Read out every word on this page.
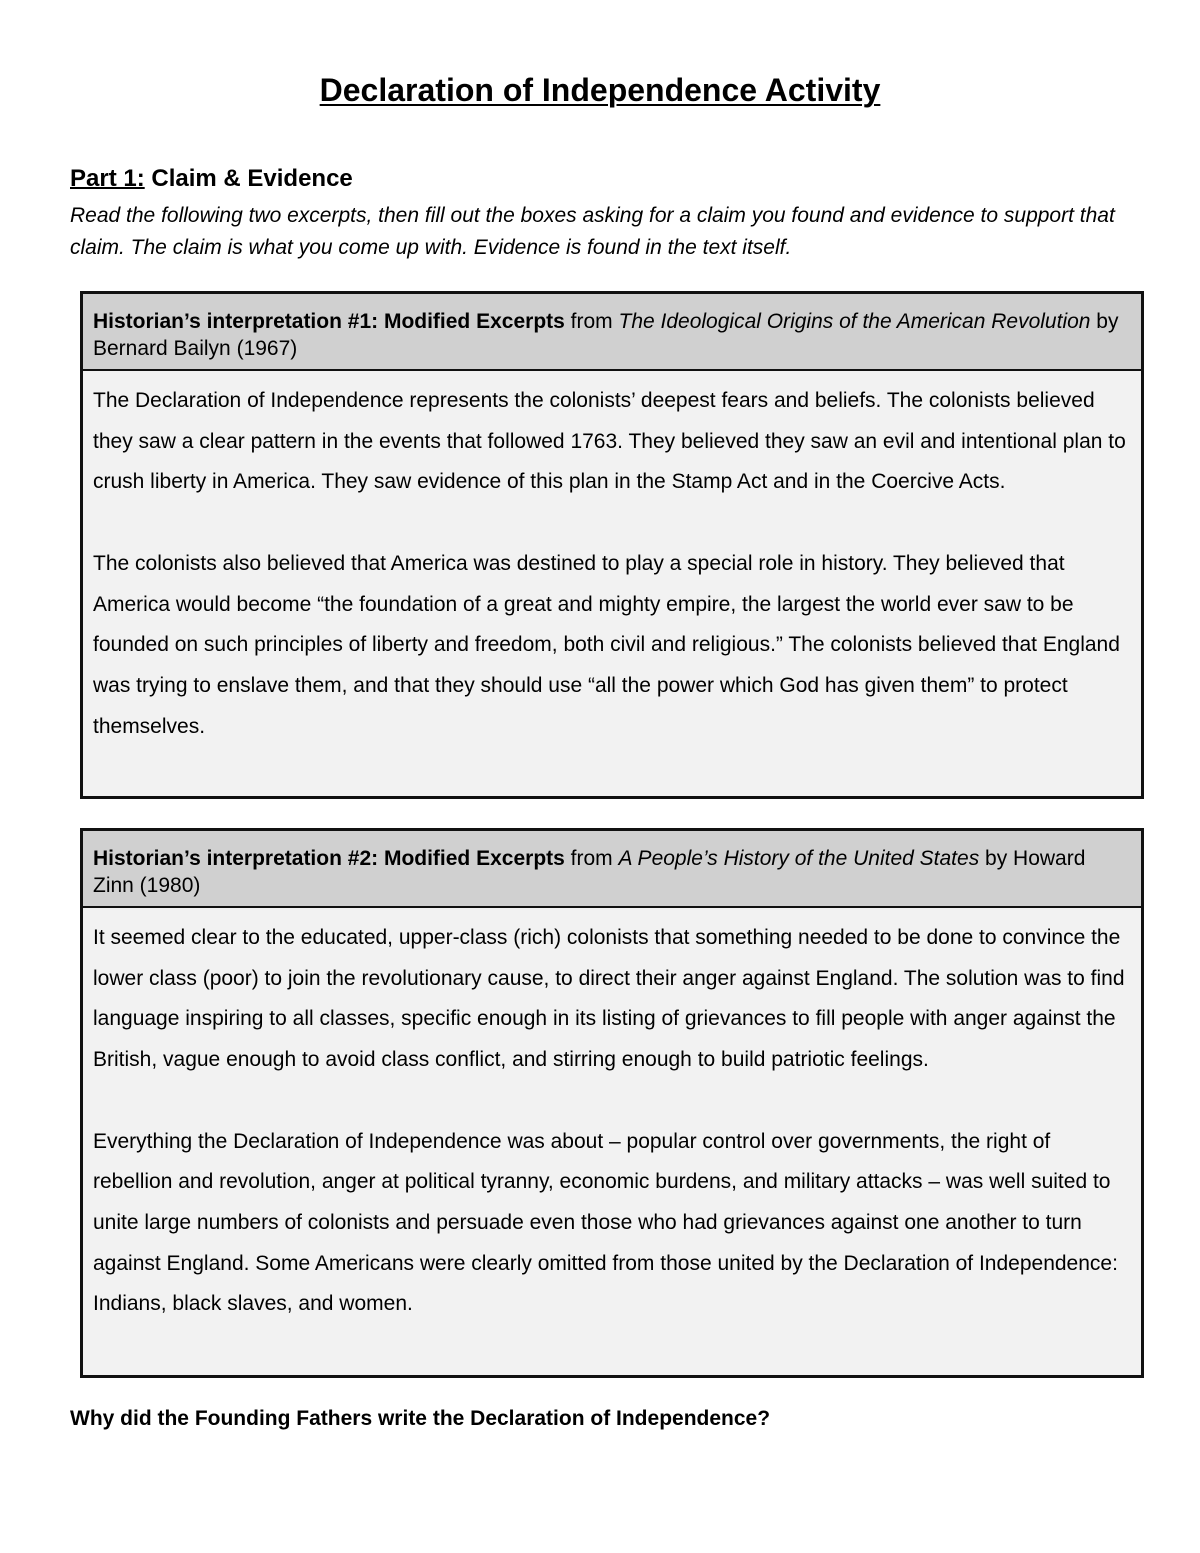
Declaration of Independence Activity
Part 1: Claim & Evidence
Read the following two excerpts, then fill out the boxes asking for a claim you found and evidence to support that claim. The claim is what you come up with. Evidence is found in the text itself.
Historian’s interpretation #1: Modified Excerpts from The Ideological Origins of the American Revolution by Bernard Bailyn (1967)

The Declaration of Independence represents the colonists’ deepest fears and beliefs. The colonists believed they saw a clear pattern in the events that followed 1763. They believed they saw an evil and intentional plan to crush liberty in America. They saw evidence of this plan in the Stamp Act and in the Coercive Acts.

The colonists also believed that America was destined to play a special role in history. They believed that America would become “the foundation of a great and mighty empire, the largest the world ever saw to be founded on such principles of liberty and freedom, both civil and religious.” The colonists believed that England was trying to enslave them, and that they should use “all the power which God has given them” to protect themselves.

Historian’s interpretation #2: Modified Excerpts from A People’s History of the United States by Howard Zinn (1980)

It seemed clear to the educated, upper-class (rich) colonists that something needed to be done to convince the lower class (poor) to join the revolutionary cause, to direct their anger against England. The solution was to find language inspiring to all classes, specific enough in its listing of grievances to fill people with anger against the British, vague enough to avoid class conflict, and stirring enough to build patriotic feelings.

Everything the Declaration of Independence was about – popular control over governments, the right of rebellion and revolution, anger at political tyranny, economic burdens, and military attacks – was well suited to unite large numbers of colonists and persuade even those who had grievances against one another to turn against England. Some Americans were clearly omitted from those united by the Declaration of Independence: Indians, black slaves, and women.

Why did the Founding Fathers write the Declaration of Independence?
